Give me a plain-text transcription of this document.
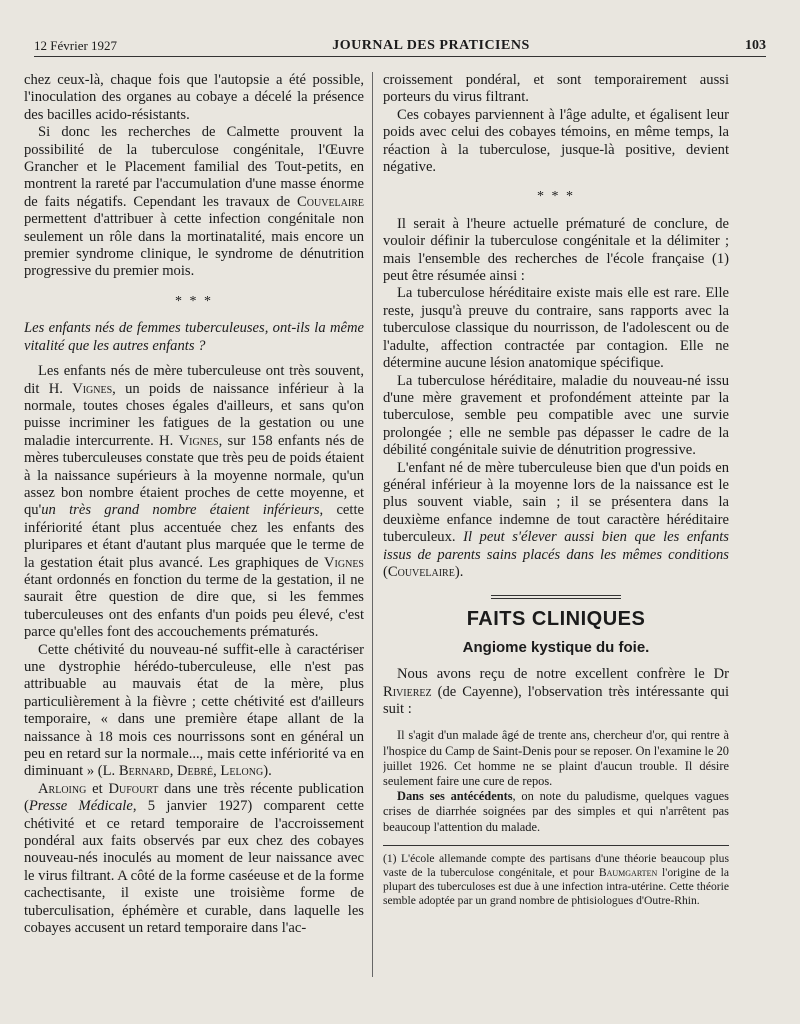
12 Février 1927	JOURNAL DES PRATICIENS	103

chez ceux-là, chaque fois que l'autopsie a été possible, l'inoculation des organes au cobaye a décelé la présence des bacilles acido-résistants.

Si donc les recherches de Calmette prouvent la possibilité de la tuberculose congénitale, l'Œuvre Grancher et le Placement familial des Tout-petits, en montrent la rareté par l'accumulation d'une masse énorme de faits négatifs. Cependant les travaux de Couvelaire permettent d'attribuer à cette infection congénitale non seulement un rôle dans la mortinatalité, mais encore un premier syndrome clinique, le syndrome de dénutrition progressive du premier mois.

* * *

Les enfants nés de femmes tuberculeuses, ont-ils la même vitalité que les autres enfants ?

Les enfants nés de mère tuberculeuse ont très souvent, dit H. Vignes, un poids de naissance inférieur à la normale, toutes choses égales d'ailleurs, et sans qu'on puisse incriminer les fatigues de la gestation ou une maladie intercurrente. H. Vignes, sur 158 enfants nés de mères tuberculeuses constate que très peu de poids étaient à la naissance supérieurs à la moyenne normale, qu'un assez bon nombre étaient proches de cette moyenne, et qu'un très grand nombre étaient inférieurs, cette infériorité étant plus accentuée chez les enfants des pluripares et étant d'autant plus marquée que le terme de la gestation était plus avancé. Les graphiques de Vignes étant ordonnés en fonction du terme de la gestation, il ne saurait être question de dire que, si les femmes tuberculeuses ont des enfants d'un poids peu élevé, c'est parce qu'elles font des accouchements prématurés.

Cette chétivité du nouveau-né suffit-elle à caractériser une dystrophie hérédo-tuberculeuse, elle n'est pas attribuable au mauvais état de la mère, plus particulièrement à la fièvre ; cette chétivité est d'ailleurs temporaire, « dans une première étape allant de la naissance à 18 mois ces nourrissons sont en général un peu en retard sur la normale..., mais cette infériorité va en diminuant » (L. Bernard, Debré, Lelong).

Arloing et Dufourt dans une très récente publication (Presse Médicale, 5 janvier 1927) comparent cette chétivité et ce retard temporaire de l'accroissement pondéral aux faits observés par eux chez des cobayes nouveau-nés inoculés au moment de leur naissance avec le virus filtrant. A côté de la forme caséeuse et de la forme cachectisante, il existe une troisième forme de tuberculisation, éphémère et curable, dans laquelle les cobayes accusent un retard temporaire dans l'ac-

croissement pondéral, et sont temporairement aussi porteurs du virus filtrant.

Ces cobayes parviennent à l'âge adulte, et égalisent leur poids avec celui des cobayes témoins, en même temps, la réaction à la tuberculose, jusque-là positive, devient négative.

* * *

Il serait à l'heure actuelle prématuré de conclure, de vouloir définir la tuberculose congénitale et la délimiter ; mais l'ensemble des recherches de l'école française (1) peut être résumée ainsi :

La tuberculose héréditaire existe mais elle est rare. Elle reste, jusqu'à preuve du contraire, sans rapports avec la tuberculose classique du nourrisson, de l'adolescent ou de l'adulte, affection contractée par contagion. Elle ne détermine aucune lésion anatomique spécifique.

La tuberculose héréditaire, maladie du nouveau-né issu d'une mère gravement et profondément atteinte par la tuberculose, semble peu compatible avec une survie prolongée ; elle ne semble pas dépasser le cadre de la débilité congénitale suivie de dénutrition progressive.

L'enfant né de mère tuberculeuse bien que d'un poids en général inférieur à la moyenne lors de la naissance est le plus souvent viable, sain ; il se présentera dans la deuxième enfance indemne de tout caractère héréditaire tuberculeux. Il peut s'élever aussi bien que les enfants issus de parents sains placés dans les mêmes conditions (Couvelaire).

FAITS CLINIQUES
Angiome kystique du foie.

Nous avons reçu de notre excellent confrère le Dr Rivierez (de Cayenne), l'observation très intéressante qui suit :

Il s'agit d'un malade âgé de trente ans, chercheur d'or, qui rentre à l'hospice du Camp de Saint-Denis pour se reposer. On l'examine le 20 juillet 1926. Cet homme ne se plaint d'aucun trouble. Il désire seulement faire une cure de repos.

Dans ses antécédents, on note du paludisme, quelques vagues crises de diarrhée soignées par des simples et qui n'arrêtent pas beaucoup l'attention du malade.

(1) L'école allemande compte des partisans d'une théorie beaucoup plus vaste de la tuberculose congénitale, et pour Baumgarten l'origine de la plupart des tuberculoses est due à une infection intra-utérine. Cette théorie semble adoptée par un grand nombre de phtisiologues d'Outre-Rhin.
